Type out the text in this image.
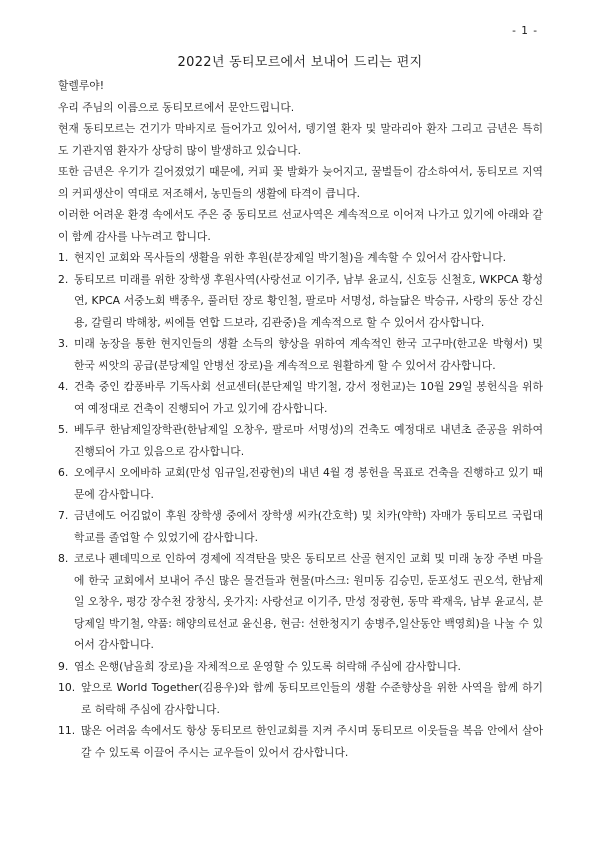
- 1 -
2022년 동티모르에서 보내어 드리는 편지

할렐루야!

우리 주님의 이름으로 동티모르에서 문안드립니다.

현재 동티모르는 건기가 막바지로 들어가고 있어서, 뎅기열 환자 및 말라리아 환자 그리고 금년은 특히도 기관지염 환자가 상당히 많이 발생하고 있습니다.

또한 금년은 우기가 길어졌었기 때문에, 커피 꽃 발화가 늦어지고, 꿀벌들이 감소하여서, 동티모르 지역의 커피생산이 역대로 저조해서, 농민들의 생활에 타격이 큽니다.

이러한 어려운 환경 속에서도 주은 중 동티모르 선교사역은 계속적으로 이어져 나가고 있기에 아래와 같이 함께 감사를 나누려고 합니다.

1. 현지인 교회와 목사들의 생활을 위한 후원(분장제일 박기철)을 계속할 수 있어서 감사합니다.
2. 동티모르 미래를 위한 장학생 후원사역(사랑선교 이기주, 남부 윤교식, 신호등 신철호, WKPCA 황성연, KPCA 서중노회 백종우, 풀러턴 장로 황인철, 팔로마 서명성, 하늘닮은 박승규, 사랑의 동산 강신용, 갈릴리 박해창, 씨에틀 연합 드보라, 김관중)을 계속적으로 할 수 있어서 감사합니다.
3. 미래 농장을 통한 현지인들의 생활 소득의 향상을 위하여 계속적인 한국 고구마(한고운 박형서) 및 한국 씨앗의 공급(분당제일 안병선 장로)을 계속적으로 원활하게 할 수 있어서 감사합니다.
4. 건축 중인 캄퐁바루 기독사회 선교센터(분단제일 박기철, 강서 정헌교)는 10월 29일 봉헌식을 위하여 예정대로 건축이 진행되어 가고 있기에 감사합니다.
5. 베두쿠 한남제일장학관(한남제일 오창우, 팔로마 서명성)의 건축도 예정대로 내년초 준공을 위하여 진행되어 가고 있음으로 감사합니다.
6. 오에쿠시 오에바하 교회(만성 임규일,전광현)의 내년 4월 경 봉헌을 목표로 건축을 진행하고 있기 때문에 감사합니다.
7. 금년에도 어김없이 후원 장학생 중에서 장학생 씨카(간호학) 및 치카(약학) 자매가 동티모르 국립대학교를 졸업할 수 있었기에 감사합니다.
8. 코로나 펜데믹으로 인하여 경제에 직격탄을 맞은 동티모르 산골 현지인 교회 및 미래 농장 주변 마을에 한국 교회에서 보내어 주신 많은 물건들과 현물(마스크: 원미동 김승민, 둔포성도 권오석, 한남제일 오창우, 평강 장수천 장창식, 옷가지: 사랑선교 이기주, 만성 정광현, 동막 곽재욱, 남부 윤교식, 분당제일 박기철, 약품: 해양의료선교 윤신용, 현금: 선한청지기 송병주,일산동안 백영희)을 나눌 수 있어서 감사합니다.
9. 염소 은행(남올희 장로)을 자체적으로 운영할 수 있도록 허락해 주심에 감사합니다.
10. 앞으로 World Together(김용우)와 함께 동티모르인들의 생활 수준향상을 위한 사역을 함께 하기로 허락해 주심에 감사합니다.
11. 많은 어려움 속에서도 항상 동티모르 한인교회를 지켜 주시며 동티모르 이웃들을 복음 안에서 살아 갈 수 있도록 이끌어 주시는 교우들이 있어서 감사합니다.
